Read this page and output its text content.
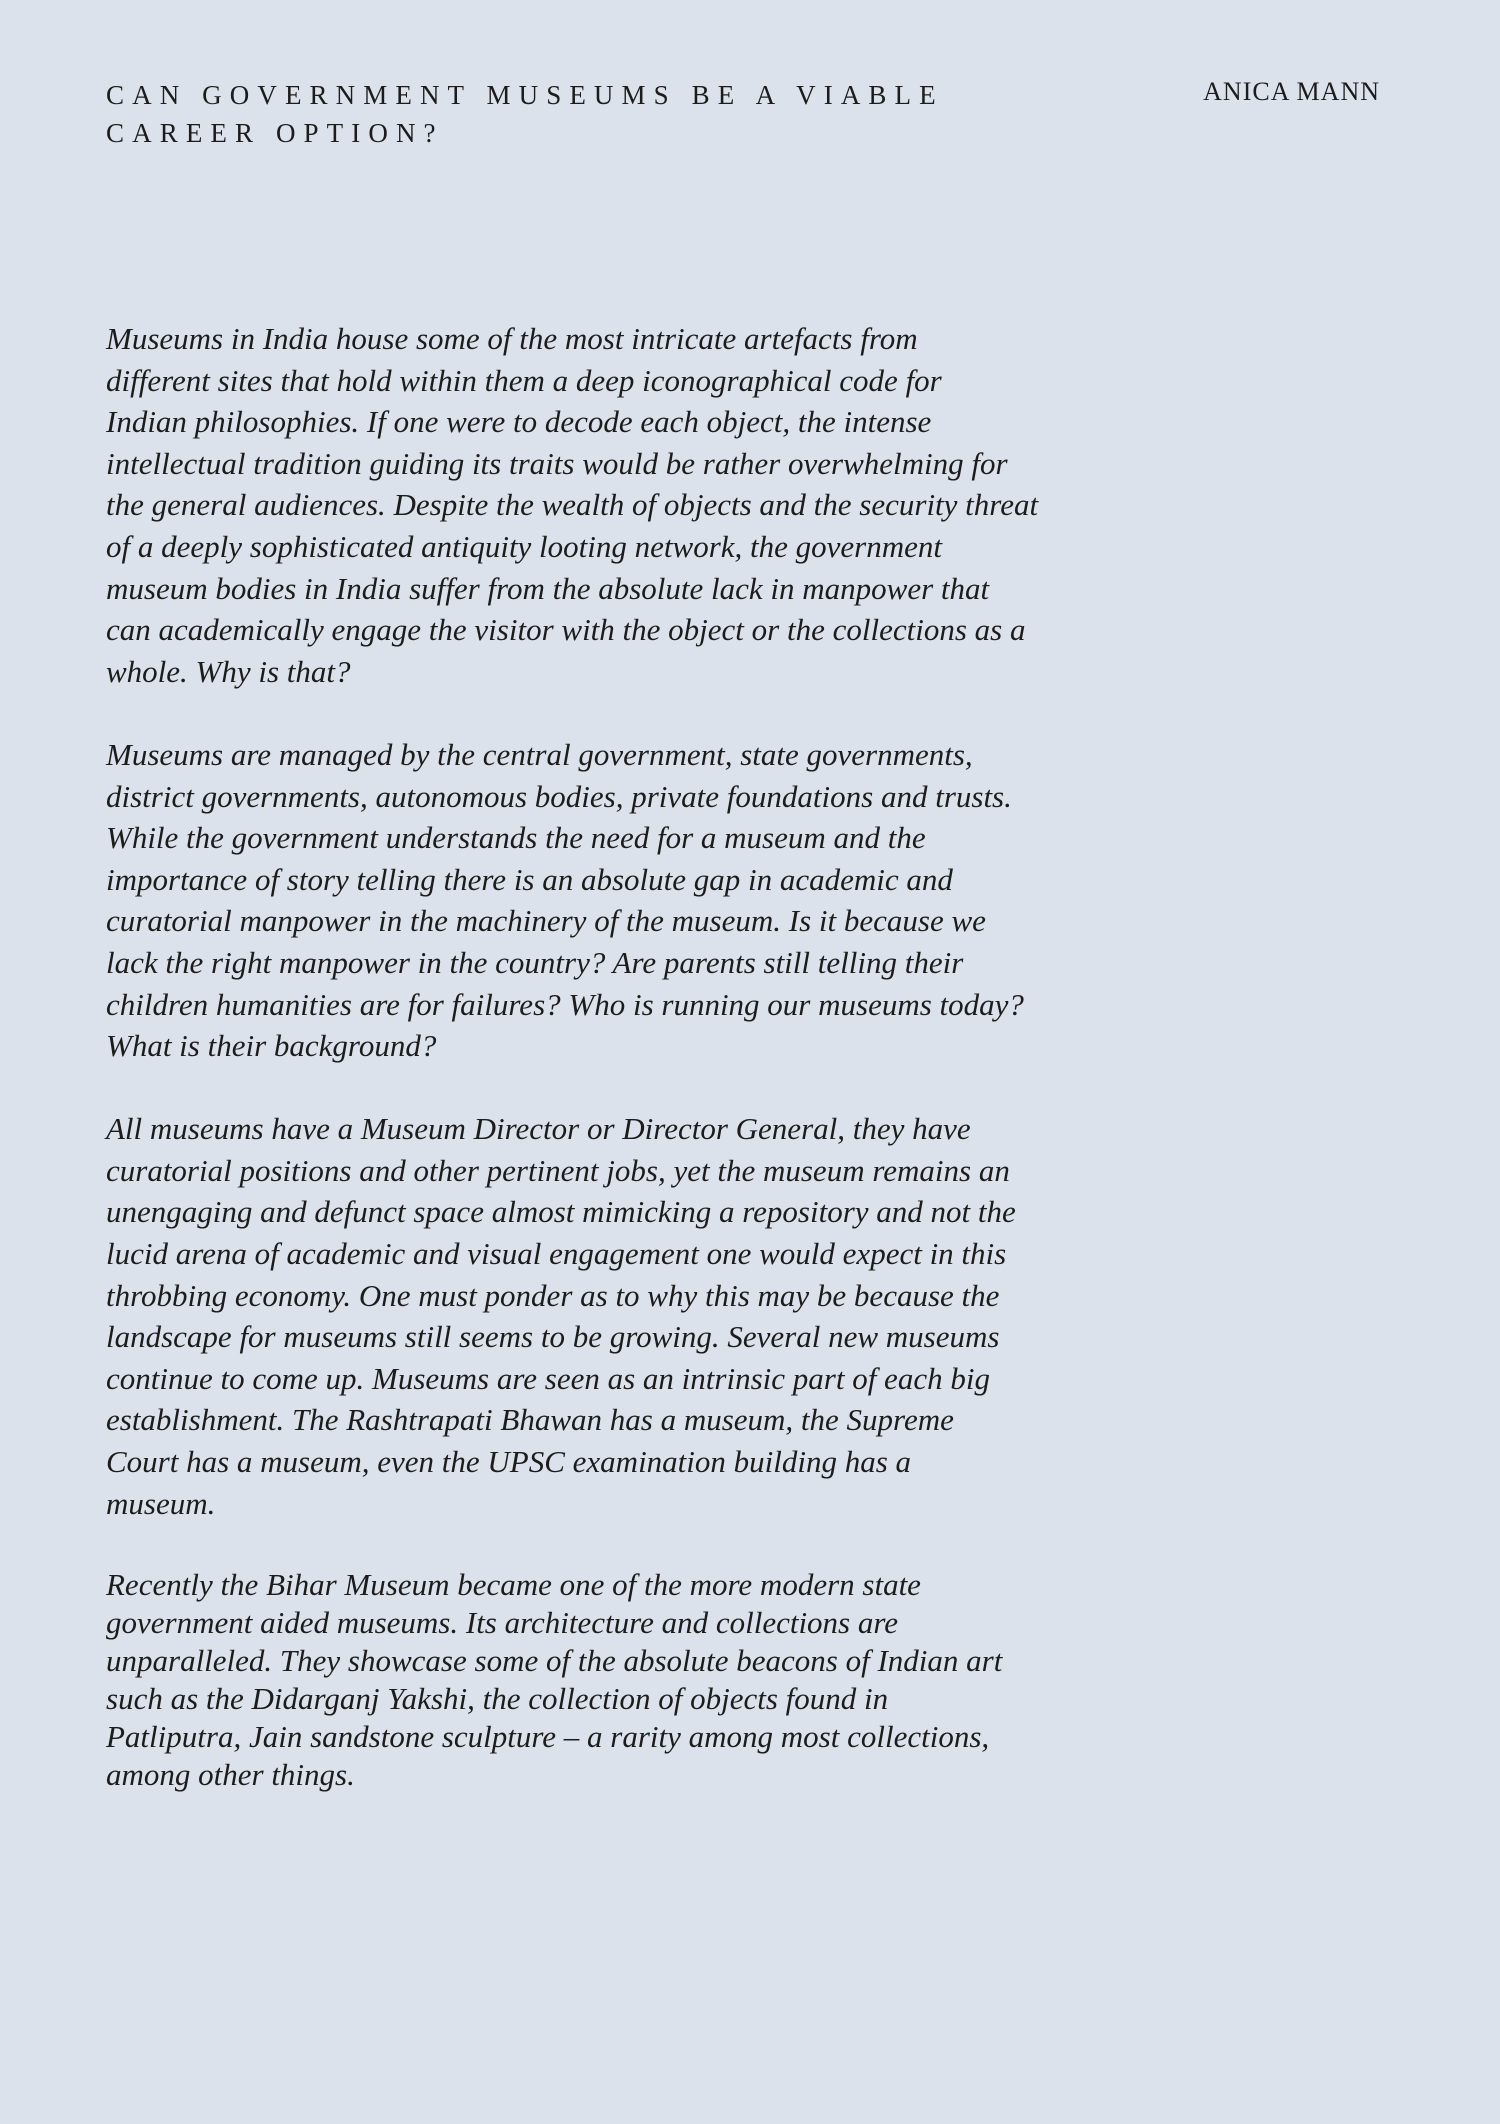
CAN GOVERNMENT MUSEUMS BE A VIABLE
CAREER OPTION?
ANICA MANN

Museums in India house some of the most intricate artefacts from
different sites that hold within them a deep iconographical code for
Indian philosophies. If one were to decode each object, the intense
intellectual tradition guiding its traits would be rather overwhelming for
the general audiences. Despite the wealth of objects and the security threat
of a deeply sophisticated antiquity looting network, the government
museum bodies in India suffer from the absolute lack in manpower that
can academically engage the visitor with the object or the collections as a
whole. Why is that?

Museums are managed by the central government, state governments,
district governments, autonomous bodies, private foundations and trusts.
While the government understands the need for a museum and the
importance of story telling there is an absolute gap in academic and
curatorial manpower in the machinery of the museum. Is it because we
lack the right manpower in the country? Are parents still telling their
children humanities are for failures? Who is running our museums today?
What is their background?

All museums have a Museum Director or Director General, they have
curatorial positions and other pertinent jobs, yet the museum remains an
unengaging and defunct space almost mimicking a repository and not the
lucid arena of academic and visual engagement one would expect in this
throbbing economy. One must ponder as to why this may be because the
landscape for museums still seems to be growing. Several new museums
continue to come up. Museums are seen as an intrinsic part of each big
establishment. The Rashtrapati Bhawan has a museum, the Supreme
Court has a museum, even the UPSC examination building has a
museum.

Recently the Bihar Museum became one of the more modern state
government aided museums. Its architecture and collections are
unparalleled. They showcase some of the absolute beacons of Indian art
such as the Didarganj Yakshi, the collection of objects found in
Patliputra, Jain sandstone sculpture – a rarity among most collections,
among other things.
